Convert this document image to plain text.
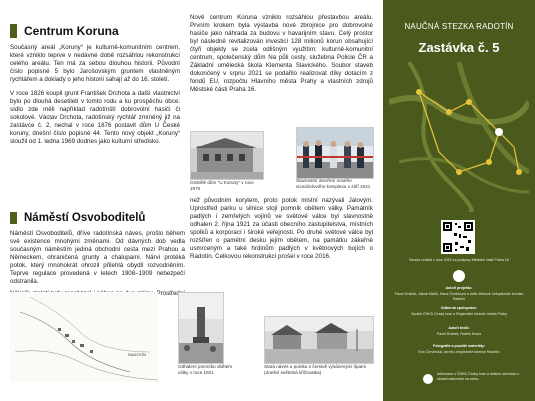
Centrum Koruna

Současný areál „Koruny“ je kulturně-komunitním centrem, které vzniklo teprve v nedávné době rozsáhlou rekonstrukcí celého areálu. Ten má za sebou dlouhou historii. Původní číslo popisné 5 bylo Jarošovským gruntem vlastněným rychtářem a doklady o jeho historii sahají až do 16. století.

V roce 1826 koupil grunt František Drchota a další vlastnictví bylo po dlouhá desetiletí v tomto rodu a ku prospěchu obce: sídlo zde měli například radotínští dobrovolní hasiči či sokolové. Václav Drchota, radotínský rychtář zmíněný již na zastávce č. 2, nechal v roce 1876 postavit dům U České koruny, dnešní číslo popisné 44. Tento nový objekt „Koruny“ sloužil od 1. ledna 1969 dodnes jako kulturní středisko.

Náměstí Osvoboditelů

Náměstí Osvoboditelů, dříve radotínská náves, prošlo během své existence mnohými změnami. Od dávných dob vedla současným náměstím jediná obchodní cesta mezi Prahou a Německem, ohraničená grunty a chalupami. Nárvi protéká potok, který mnohokrát ohrozil přilehlá obydlí rozvodněním. Teprve regulace provedená v letech 1908–1909 nebezpečí odstranila.

Prostřední

Nově centrum Koruna vzniklo rozsáhlou přestavbou areálu. Prvním krokem byla výstavba nové zbrojnice pro dobrovolné hasiče jako náhrada za budovu v havarijním stavu. Celý prostor byl následně revitalizován investicí 128 milionů korun obsahující čtyři objekty se zcela odlišným využitím: kulturně-komunitní centrum, společenský dům Na půli cesty, služebna Policie ČR a Základní umělecká škola Klementa Slavického. Soubor staveb dokončený v srpnu 2021 se podařilo realizovat díky dotacím z fondů EU, rozpočtu Hlavního města Prahy a vlastních zdrojů Městské části Praha 16.

Ombělé dům "U Koruny" v roce 1970
Slavnostní otevření nového víceúčelového komplexu v září 2021

než původním korytem, proto potok mistní nazývali Jalovým. Uprostřed parku u silnice stojí pomník obětem války. Památník padlých i zemřelých vojínů ve světové válce byl slavnostně odhalen 2. října 1921 za účasti obecního zastupitelstva, místních spolků a korporací i široké veřejnosti. Po druhé světové válce byl rozšířen o pamětní desku jejím obětem, na památku zákeřně usmrceným a také hrdinům padlých v květnových bojích o Radotín. Celkovou rekonstrukcí prošel v roce 2016.

RADOTÍN
Odhalení pomníku obětem války v roce 1921
Stará náves u potoka s čerstvě vysázenými lípami (dnešní světelná křižovatka)
NAUČNÁ STEZKA RADOTÍN
Zastávka č. 5
Stezka vznikla v roce 2022 za podpory Městské části Praha 16
Autoři projektu:
Pavel Drabek, Jakub Mařík, Hana Čerdíková a další členové Letopisecké komise Radotín
Odborná spolupráce:
Spolek ČHKD Český kras a Regionální historie města Prahy
Autoři textů:
Pavel Drabek, Radek Kraus
Fotografie a použité materiály:
Eva Červinská, archiv Letopisecké komise Radotín
Informace o ČHKD Český kras a dalších stezkách v oblasti naleznete na webu
